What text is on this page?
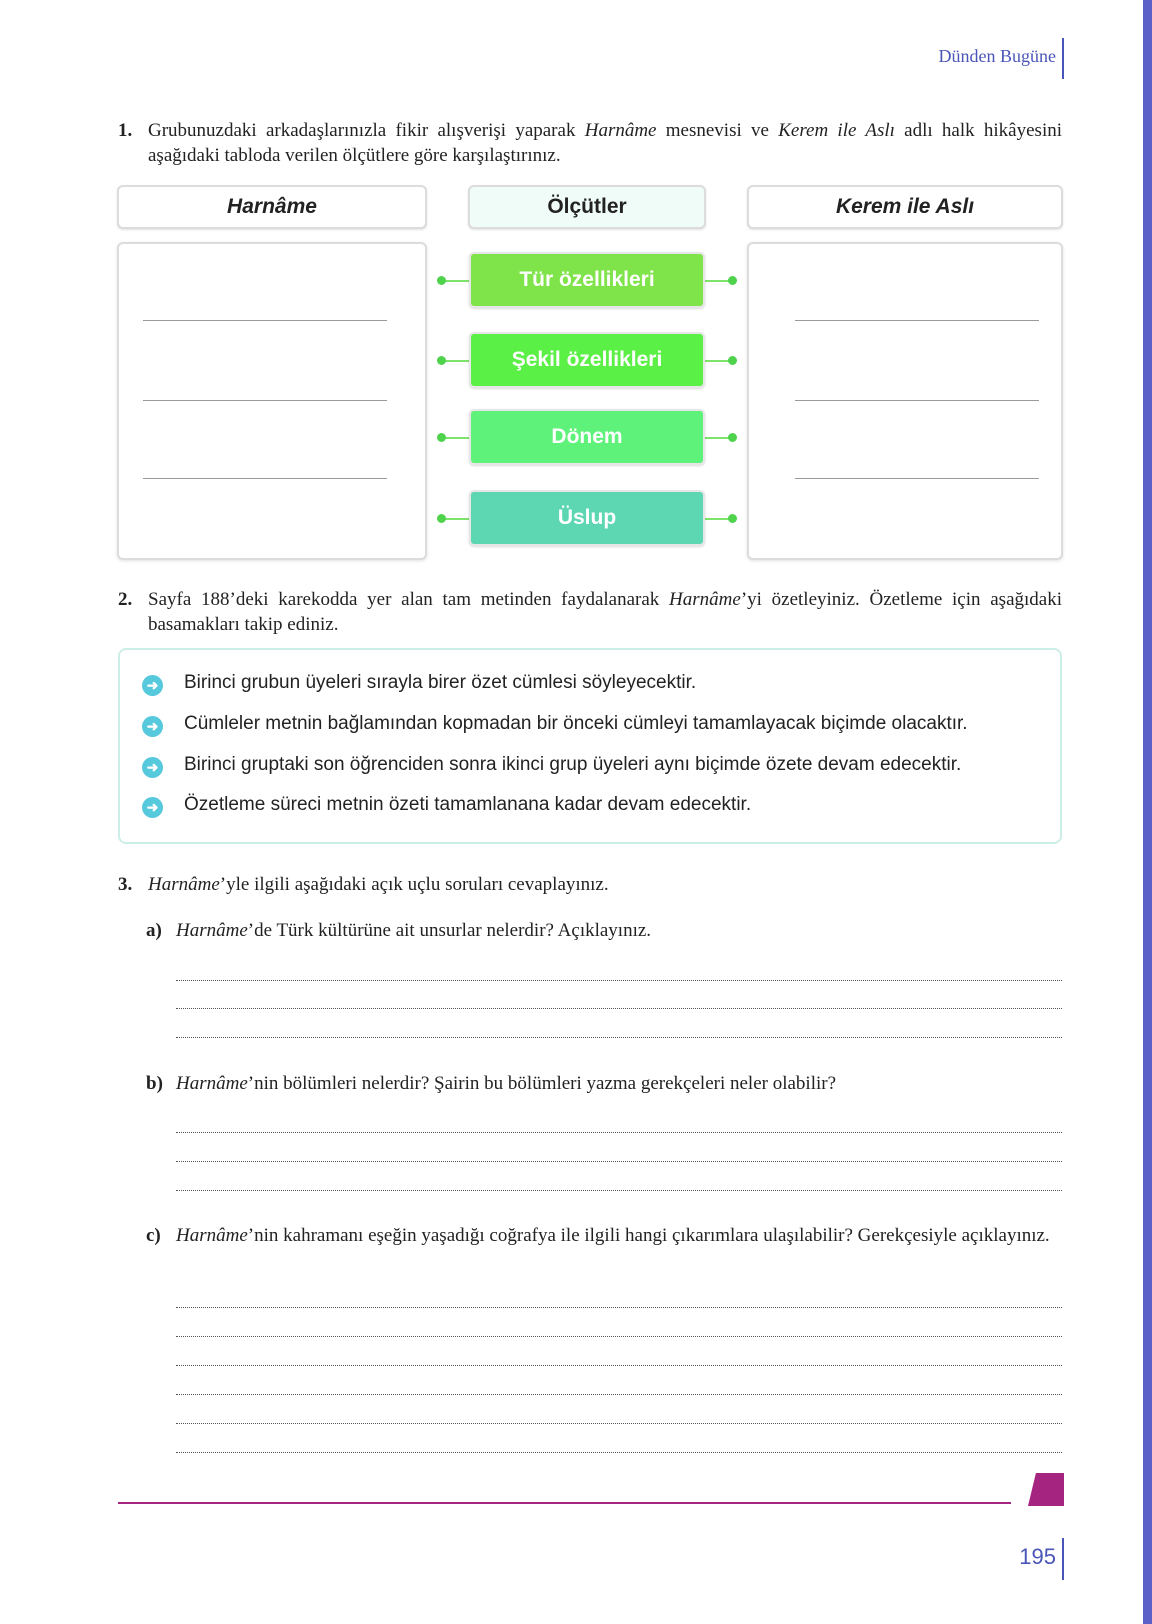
Dünden Bugüne
1. Grubunuzdaki arkadaşlarınızla fikir alışverişi yaparak Harnâme mesnevisi ve Kerem ile Aslı adlı halk hikâyesini aşağıdaki tabloda verilen ölçütlere göre karşılaştırınız.
Harnâme	Ölçütler	Kerem ile Aslı
Tür özellikleri
Şekil özellikleri
Dönem
Üslup
2. Sayfa 188’deki karekodda yer alan tam metinden faydalanarak Harnâme’yi özetleyiniz. Özetleme için aşağıdaki basamakları takip ediniz.
➜ Birinci grubun üyeleri sırayla birer özet cümlesi söyleyecektir.
➜ Cümleler metnin bağlamından kopmadan bir önceki cümleyi tamamlayacak biçimde olacaktır.
➜ Birinci gruptaki son öğrenciden sonra ikinci grup üyeleri aynı biçimde özete devam edecektir.
➜ Özetleme süreci metnin özeti tamamlanana kadar devam edecektir.
3. Harnâme’yle ilgili aşağıdaki açık uçlu soruları cevaplayınız.
a) Harnâme’de Türk kültürüne ait unsurlar nelerdir? Açıklayınız.
b) Harnâme’nin bölümleri nelerdir? Şairin bu bölümleri yazma gerekçeleri neler olabilir?
c) Harnâme’nin kahramanı eşeğin yaşadığı coğrafya ile ilgili hangi çıkarımlara ulaşılabilir? Gerekçesiyle açıklayınız.
195
